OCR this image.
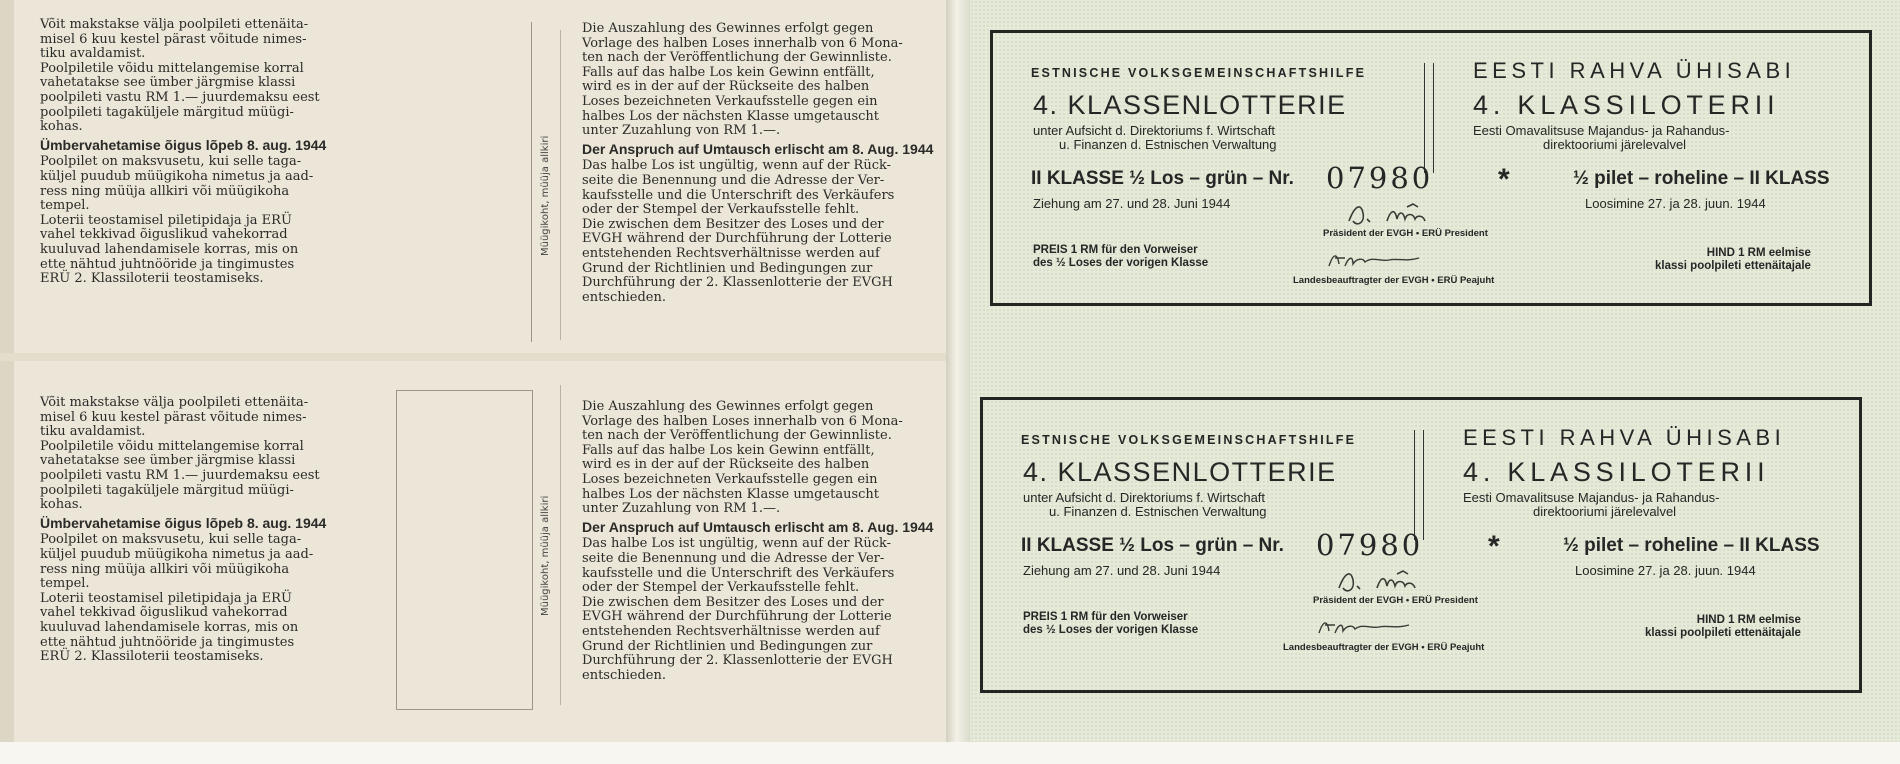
Võit makstakse välja poolpileti ettenäita-
misel 6 kuu kestel pärast võitude nimes-
tiku avaldamist.
Poolpiletile võidu mittelangemise korral
vahetatakse see ümber järgmise klassi
poolpileti vastu RM 1.— juurdemaksu eest
poolpileti tagaküljele märgitud müügi-
kohas.
Ümbervahetamise õigus lõpeb 8. aug. 1944
Poolpilet on maksvusetu, kui selle taga-
küljel puudub müügikoha nimetus ja aad-
ress ning müüja allkiri või müügikoha
tempel.
Loterii teostamisel piletipidaja ja ERÜ
vahel tekkivad õiguslikud vahekorrad
kuuluvad lahendamisele korras, mis on
ette nähtud juhtnööride ja tingimustes
ERÜ 2. Klassiloterii teostamiseks.
Müügikoht, müüja allkiri
Die Auszahlung des Gewinnes erfolgt gegen
Vorlage des halben Loses innerhalb von 6 Mona-
ten nach der Veröffentlichung der Gewinnliste.
Falls auf das halbe Los kein Gewinn entfällt,
wird es in der auf der Rückseite des halben
Loses bezeichneten Verkaufsstelle gegen ein
halbes Los der nächsten Klasse umgetauscht
unter Zuzahlung von RM 1.—.
Der Anspruch auf Umtausch erlischt am 8. Aug. 1944
Das halbe Los ist ungültig, wenn auf der Rück-
seite die Benennung und die Adresse der Ver-
kaufsstelle und die Unterschrift des Verkäufers
oder der Stempel der Verkaufsstelle fehlt.
Die zwischen dem Besitzer des Loses und der
EVGH während der Durchführung der Lotterie
entstehenden Rechtsverhältnisse werden auf
Grund der Richtlinien und Bedingungen zur
Durchführung der 2. Klassenlotterie der EVGH
entschieden.
Võit makstakse välja poolpileti ettenäita-
misel 6 kuu kestel pärast võitude nimes-
tiku avaldamist.
Poolpiletile võidu mittelangemise korral
vahetatakse see ümber järgmise klassi
poolpileti vastu RM 1.— juurdemaksu eest
poolpileti tagaküljele märgitud müügi-
kohas.
Ümbervahetamise õigus lõpeb 8. aug. 1944
Poolpilet on maksvusetu, kui selle taga-
küljel puudub müügikoha nimetus ja aad-
ress ning müüja allkiri või müügikoha
tempel.
Loterii teostamisel piletipidaja ja ERÜ
vahel tekkivad õiguslikud vahekorrad
kuuluvad lahendamisele korras, mis on
ette nähtud juhtnööride ja tingimustes
ERÜ 2. Klassiloterii teostamiseks.
Müügikoht, müüja allkiri
Die Auszahlung des Gewinnes erfolgt gegen
Vorlage des halben Loses innerhalb von 6 Mona-
ten nach der Veröffentlichung der Gewinnliste.
Falls auf das halbe Los kein Gewinn entfällt,
wird es in der auf der Rückseite des halben
Loses bezeichneten Verkaufsstelle gegen ein
halbes Los der nächsten Klasse umgetauscht
unter Zuzahlung von RM 1.—.
Der Anspruch auf Umtausch erlischt am 8. Aug. 1944
Das halbe Los ist ungültig, wenn auf der Rück-
seite die Benennung und die Adresse der Ver-
kaufsstelle und die Unterschrift des Verkäufers
oder der Stempel der Verkaufsstelle fehlt.
Die zwischen dem Besitzer des Loses und der
EVGH während der Durchführung der Lotterie
entstehenden Rechtsverhältnisse werden auf
Grund der Richtlinien und Bedingungen zur
Durchführung der 2. Klassenlotterie der EVGH
entschieden.
ESTNISCHE VOLKSGEMEINSCHAFTSHILFE	EESTI RAHVA ÜHISABI
4. KLASSENLOTTERIE	4. KLASSILOTERII
unter Aufsicht d. Direktoriums f. Wirtschaft
u. Finanzen d. Estnischen Verwaltung
Eesti Omavalitsuse Majandus- ja Rahandus-
direktooriumi järelevalvel
II KLASSE ½ Los – grün – Nr. 07980 *	½ pilet – roheline – II KLASS
Ziehung am 27. und 28. Juni 1944	Loosimine 27. ja 28. juun. 1944
Präsident der EVGH • ERÜ President
PREIS 1 RM für den Vorweiser
des ½ Loses der vorigen Klasse
HIND 1 RM eelmise
klassi poolpileti ettenäitajale
Landesbeauftragter der EVGH • ERÜ Peajuht
ESTNISCHE VOLKSGEMEINSCHAFTSHILFE	EESTI RAHVA ÜHISABI
4. KLASSENLOTTERIE	4. KLASSILOTERII
unter Aufsicht d. Direktoriums f. Wirtschaft
u. Finanzen d. Estnischen Verwaltung
Eesti Omavalitsuse Majandus- ja Rahandus-
direktooriumi järelevalvel
II KLASSE ½ Los – grün – Nr. 07980 *	½ pilet – roheline – II KLASS
Ziehung am 27. und 28. Juni 1944	Loosimine 27. ja 28. juun. 1944
Präsident der EVGH • ERÜ President
PREIS 1 RM für den Vorweiser
des ½ Loses der vorigen Klasse
HIND 1 RM eelmise
klassi poolpileti ettenäitajale
Landesbeauftragter der EVGH • ERÜ Peajuht
